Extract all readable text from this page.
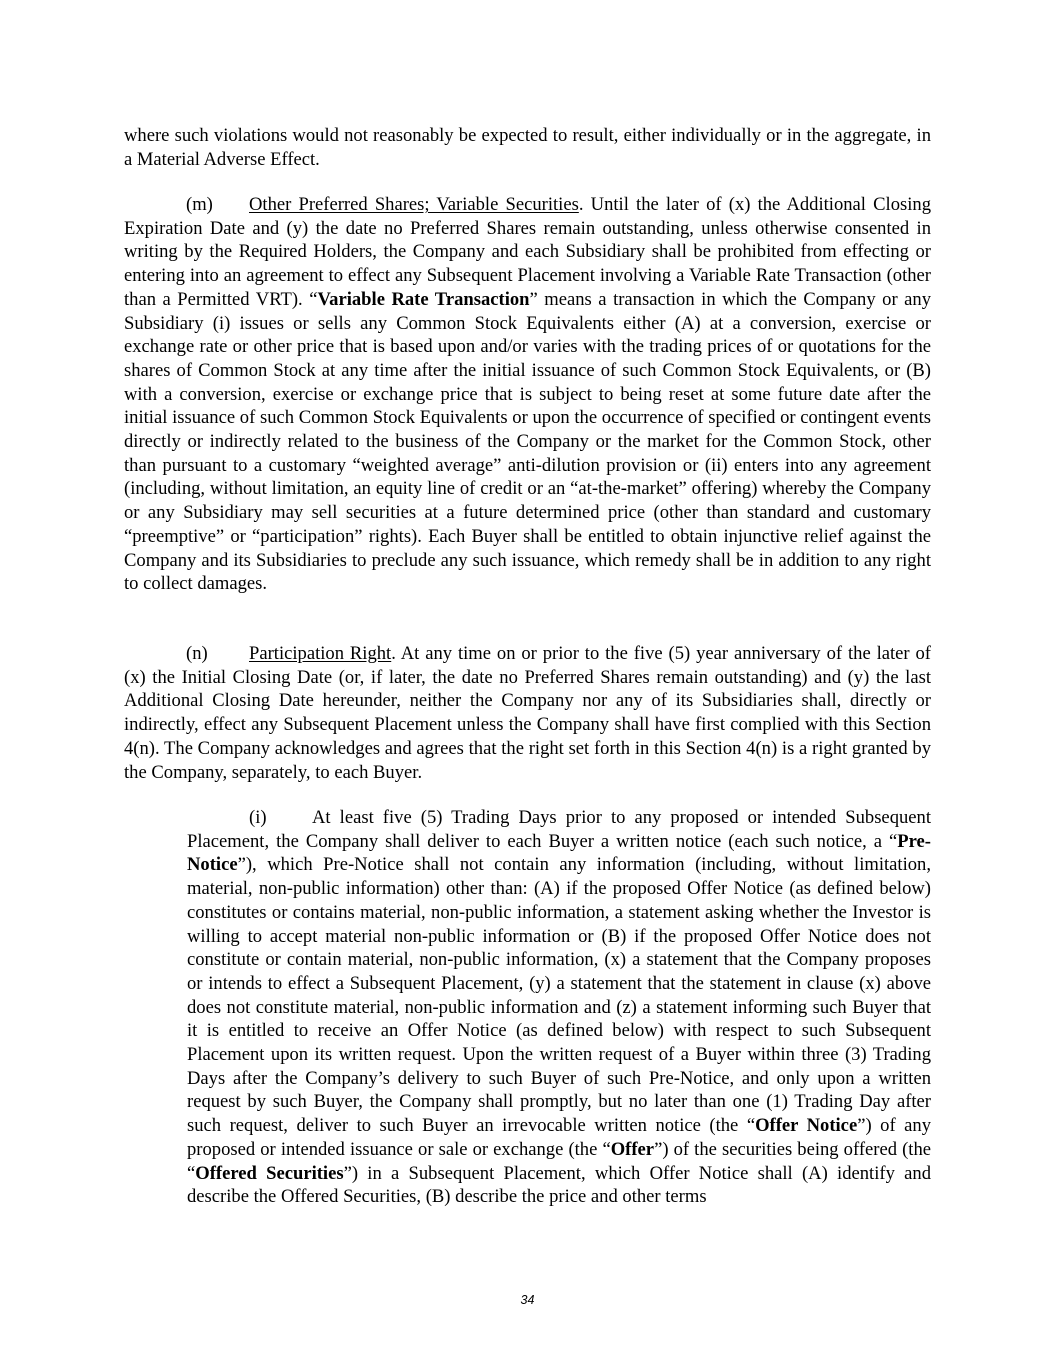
where such violations would not reasonably be expected to result, either individually or in the aggregate, in a Material Adverse Effect.

(m) Other Preferred Shares; Variable Securities. Until the later of (x) the Additional Closing Expiration Date and (y) the date no Preferred Shares remain outstanding, unless otherwise consented in writing by the Required Holders, the Company and each Subsidiary shall be prohibited from effecting or entering into an agreement to effect any Subsequent Placement involving a Variable Rate Transaction (other than a Permitted VRT). “Variable Rate Transaction” means a transaction in which the Company or any Subsidiary (i) issues or sells any Common Stock Equivalents either (A) at a conversion, exercise or exchange rate or other price that is based upon and/or varies with the trading prices of or quotations for the shares of Common Stock at any time after the initial issuance of such Common Stock Equivalents, or (B) with a conversion, exercise or exchange price that is subject to being reset at some future date after the initial issuance of such Common Stock Equivalents or upon the occurrence of specified or contingent events directly or indirectly related to the business of the Company or the market for the Common Stock, other than pursuant to a customary “weighted average” anti-dilution provision or (ii) enters into any agreement (including, without limitation, an equity line of credit or an “at-the-market” offering) whereby the Company or any Subsidiary may sell securities at a future determined price (other than standard and customary “preemptive” or “participation” rights). Each Buyer shall be entitled to obtain injunctive relief against the Company and its Subsidiaries to preclude any such issuance, which remedy shall be in addition to any right to collect damages.

(n) Participation Right. At any time on or prior to the five (5) year anniversary of the later of (x) the Initial Closing Date (or, if later, the date no Preferred Shares remain outstanding) and (y) the last Additional Closing Date hereunder, neither the Company nor any of its Subsidiaries shall, directly or indirectly, effect any Subsequent Placement unless the Company shall have first complied with this Section 4(n). The Company acknowledges and agrees that the right set forth in this Section 4(n) is a right granted by the Company, separately, to each Buyer.

(i) At least five (5) Trading Days prior to any proposed or intended Subsequent Placement, the Company shall deliver to each Buyer a written notice (each such notice, a “Pre-Notice”), which Pre-Notice shall not contain any information (including, without limitation, material, non-public information) other than: (A) if the proposed Offer Notice (as defined below) constitutes or contains material, non-public information, a statement asking whether the Investor is willing to accept material non-public information or (B) if the proposed Offer Notice does not constitute or contain material, non-public information, (x) a statement that the Company proposes or intends to effect a Subsequent Placement, (y) a statement that the statement in clause (x) above does not constitute material, non-public information and (z) a statement informing such Buyer that it is entitled to receive an Offer Notice (as defined below) with respect to such Subsequent Placement upon its written request. Upon the written request of a Buyer within three (3) Trading Days after the Company’s delivery to such Buyer of such Pre-Notice, and only upon a written request by such Buyer, the Company shall promptly, but no later than one (1) Trading Day after such request, deliver to such Buyer an irrevocable written notice (the “Offer Notice”) of any proposed or intended issuance or sale or exchange (the “Offer”) of the securities being offered (the “Offered Securities”) in a Subsequent Placement, which Offer Notice shall (A) identify and describe the Offered Securities, (B) describe the price and other terms

34
